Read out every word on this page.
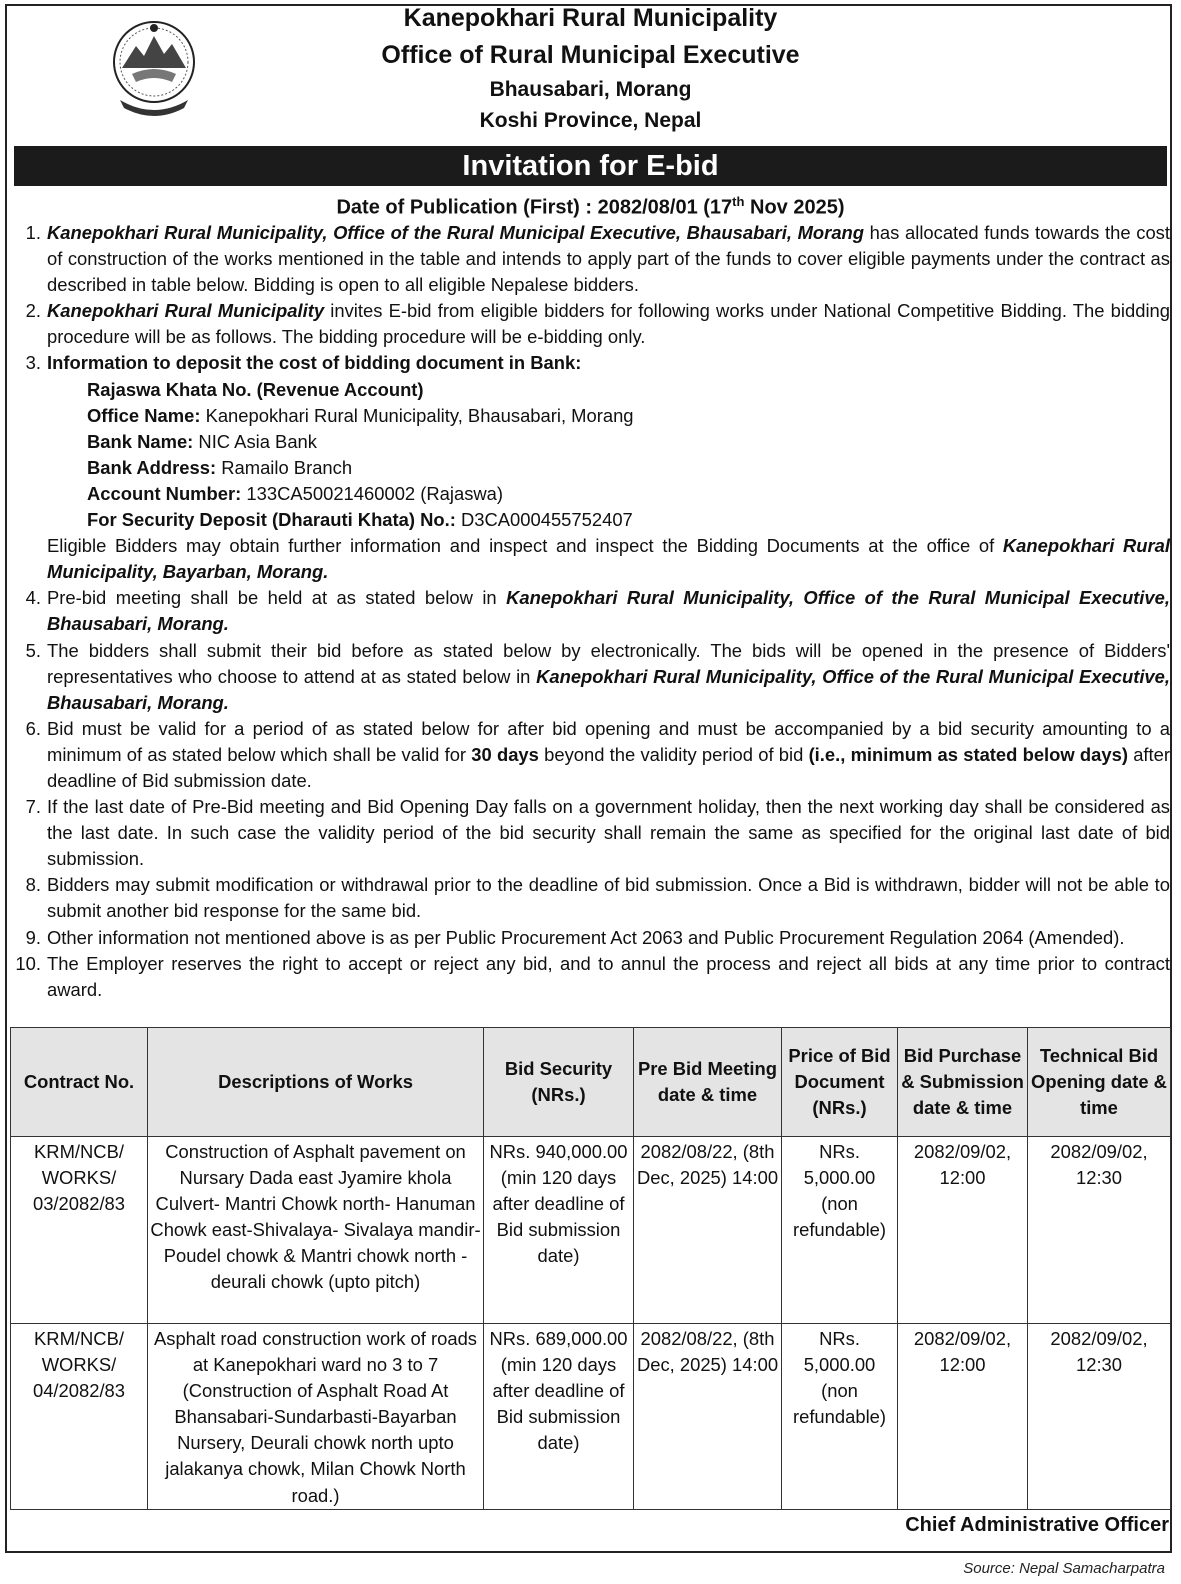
Kanepokhari Rural Municipality
Office of Rural Municipal Executive
Bhausabari, Morang
Koshi Province, Nepal
Invitation for E-bid
Date of Publication (First) : 2082/08/01 (17th Nov 2025)
1. Kanepokhari Rural Municipality, Office of the Rural Municipal Executive, Bhausabari, Morang has allocated funds towards the cost of construction of the works mentioned in the table and intends to apply part of the funds to cover eligible payments under the contract as described in table below. Bidding is open to all eligible Nepalese bidders.
2. Kanepokhari Rural Municipality invites E-bid from eligible bidders for following works under National Competitive Bidding. The bidding procedure will be as follows. The bidding procedure will be e-bidding only.
3. Information to deposit the cost of bidding document in Bank:
Rajaswa Khata No. (Revenue Account)
Office Name: Kanepokhari Rural Municipality, Bhausabari, Morang
Bank Name: NIC Asia Bank
Bank Address: Ramailo Branch
Account Number: 133CA50021460002 (Rajaswa)
For Security Deposit (Dharauti Khata) No.: D3CA000455752407
Eligible Bidders may obtain further information and inspect and inspect the Bidding Documents at the office of Kanepokhari Rural Municipality, Bayarban, Morang.
4. Pre-bid meeting shall be held at as stated below in Kanepokhari Rural Municipality, Office of the Rural Municipal Executive, Bhausabari, Morang.
5. The bidders shall submit their bid before as stated below by electronically. The bids will be opened in the presence of Bidders' representatives who choose to attend at as stated below in Kanepokhari Rural Municipality, Office of the Rural Municipal Executive, Bhausabari, Morang.
6. Bid must be valid for a period of as stated below for after bid opening and must be accompanied by a bid security amounting to a minimum of as stated below which shall be valid for 30 days beyond the validity period of bid (i.e., minimum as stated below days) after deadline of Bid submission date.
7. If the last date of Pre-Bid meeting and Bid Opening Day falls on a government holiday, then the next working day shall be considered as the last date. In such case the validity period of the bid security shall remain the same as specified for the original last date of bid submission.
8. Bidders may submit modification or withdrawal prior to the deadline of bid submission. Once a Bid is withdrawn, bidder will not be able to submit another bid response for the same bid.
9. Other information not mentioned above is as per Public Procurement Act 2063 and Public Procurement Regulation 2064 (Amended).
10. The Employer reserves the right to accept or reject any bid, and to annul the process and reject all bids at any time prior to contract award.
Contract No.	Descriptions of Works	Bid Security (NRs.)	Pre Bid Meeting date & time	Price of Bid Document (NRs.)	Bid Purchase & Submission date & time	Technical Bid Opening date & time
KRM/NCB/ WORKS/ 03/2082/83	Construction of Asphalt pavement on Nursary Dada east Jyamire khola Culvert- Mantri Chowk north- Hanuman Chowk east-Shivalaya- Sivalaya mandir- Poudel chowk & Mantri chowk north -deurali chowk (upto pitch)	NRs. 940,000.00 (min 120 days after deadline of Bid submission date)	2082/08/22, (8th Dec, 2025) 14:00	NRs. 5,000.00 (non refundable)	2082/09/02, 12:00	2082/09/02, 12:30
KRM/NCB/ WORKS/ 04/2082/83	Asphalt road construction work of roads at Kanepokhari ward no 3 to 7 (Construction of Asphalt Road At Bhansabari-Sundarbasti-Bayarban Nursery, Deurali chowk north upto jalakanya chowk, Milan Chowk North road.)	NRs. 689,000.00 (min 120 days after deadline of Bid submission date)	2082/08/22, (8th Dec, 2025) 14:00	NRs. 5,000.00 (non refundable)	2082/09/02, 12:00	2082/09/02, 12:30
Chief Administrative Officer
Source: Nepal Samacharpatra
